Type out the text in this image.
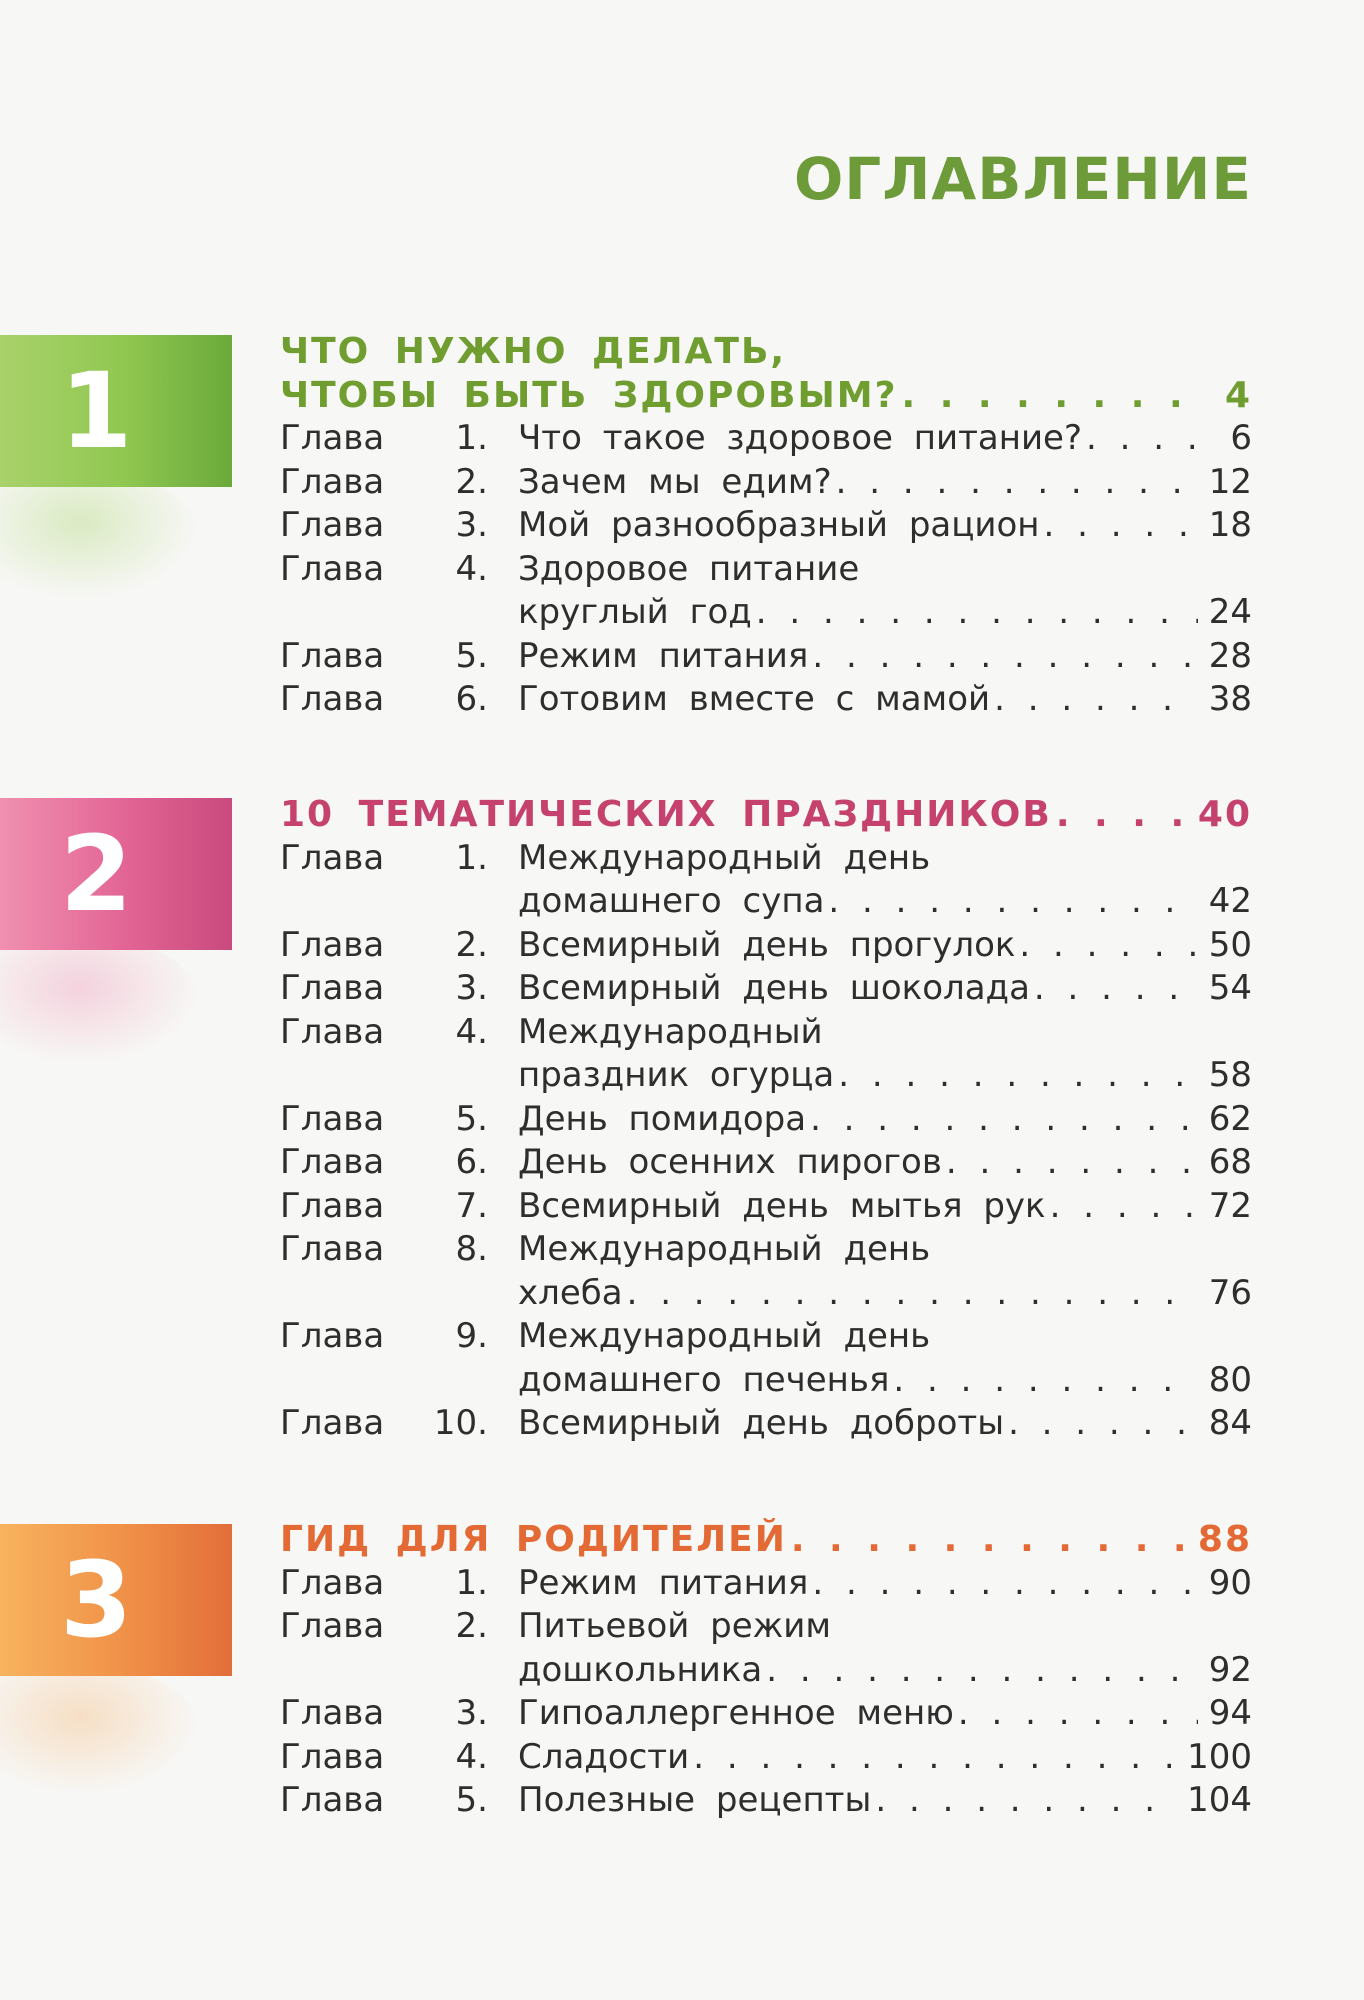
ОГЛАВЛЕНИЕ
1
2
3
ЧТО НУЖНО ДЕЛАТЬ,
ЧТОБЫ БЫТЬ ЗДОРОВЫМ? . . .	4
Глава	1. Что такое здоровое питание? . . .	6
Глава	2. Зачем мы едим? . . .	12
Глава	3. Мой разнообразный рацион . . .	18
Глава	4. Здоровое питание
круглый год . . .	24
Глава	5. Режим питания . . .	28
Глава	6. Готовим вместе с мамой . . .	38
10 ТЕМАТИЧЕСКИХ ПРАЗДНИКОВ . . .	40
Глава	1. Международный день
домашнего супа . . .	42
Глава	2. Всемирный день прогулок . . .	50
Глава	3. Всемирный день шоколада . . .	54
Глава	4. Международный
праздник огурца . . .	58
Глава	5. День помидора . . .	62
Глава	6. День осенних пирогов . . .	68
Глава	7. Всемирный день мытья рук . . .	72
Глава	8. Международный день
хлеба . . .	76
Глава	9. Международный день
домашнего печенья . . .	80
Глава	10. Всемирный день доброты . . .	84
ГИД ДЛЯ РОДИТЕЛЕЙ . . .	88
Глава	1. Режим питания . . .	90
Глава	2. Питьевой режим
дошкольника . . .	92
Глава	3. Гипоаллергенное меню . . .	94
Глава	4. Сладости . . .	100
Глава	5. Полезные рецепты . . .	104
